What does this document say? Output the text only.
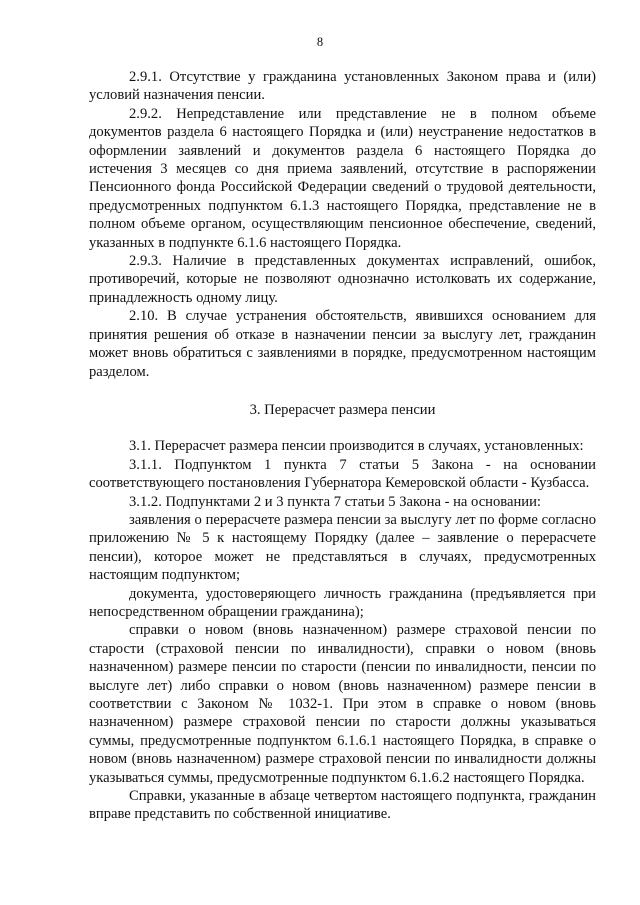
8

2.9.1. Отсутствие у гражданина установленных Законом права и (или) условий назначения пенсии.

2.9.2. Непредставление или представление не в полном объеме документов раздела 6 настоящего Порядка и (или) неустранение недостатков в оформлении заявлений и документов раздела 6 настоящего Порядка до истечения 3 месяцев со дня приема заявлений, отсутствие в распоряжении Пенсионного фонда Российской Федерации сведений о трудовой деятельности, предусмотренных подпунктом 6.1.3 настоящего Порядка, представление не в полном объеме органом, осуществляющим пенсионное обеспечение, сведений, указанных в подпункте 6.1.6 настоящего Порядка.

2.9.3. Наличие в представленных документах исправлений, ошибок, противоречий, которые не позволяют однозначно истолковать их содержание, принадлежность одному лицу.

2.10. В случае устранения обстоятельств, явившихся основанием для принятия решения об отказе в назначении пенсии за выслугу лет, гражданин может вновь обратиться с заявлениями в порядке, предусмотренном настоящим разделом.

3. Перерасчет размера пенсии

3.1. Перерасчет размера пенсии производится в случаях, установленных:

3.1.1. Подпунктом 1 пункта 7 статьи 5 Закона - на основании соответствующего постановления Губернатора Кемеровской области - Кузбасса.

3.1.2. Подпунктами 2 и 3 пункта 7 статьи 5 Закона - на основании:

заявления о перерасчете размера пенсии за выслугу лет по форме согласно приложению № 5 к настоящему Порядку (далее – заявление о перерасчете пенсии), которое может не представляться в случаях, предусмотренных настоящим подпунктом;

документа, удостоверяющего личность гражданина (предъявляется при непосредственном обращении гражданина);

справки о новом (вновь назначенном) размере страховой пенсии по старости (страховой пенсии по инвалидности), справки о новом (вновь назначенном) размере пенсии по старости (пенсии по инвалидности, пенсии по выслуге лет) либо справки о новом (вновь назначенном) размере пенсии в соответствии с Законом № 1032-1. При этом в справке о новом (вновь назначенном) размере страховой пенсии по старости должны указываться суммы, предусмотренные подпунктом 6.1.6.1 настоящего Порядка, в справке о новом (вновь назначенном) размере страховой пенсии по инвалидности должны указываться суммы, предусмотренные подпунктом 6.1.6.2 настоящего Порядка.

Справки, указанные в абзаце четвертом настоящего подпункта, гражданин вправе представить по собственной инициативе.
